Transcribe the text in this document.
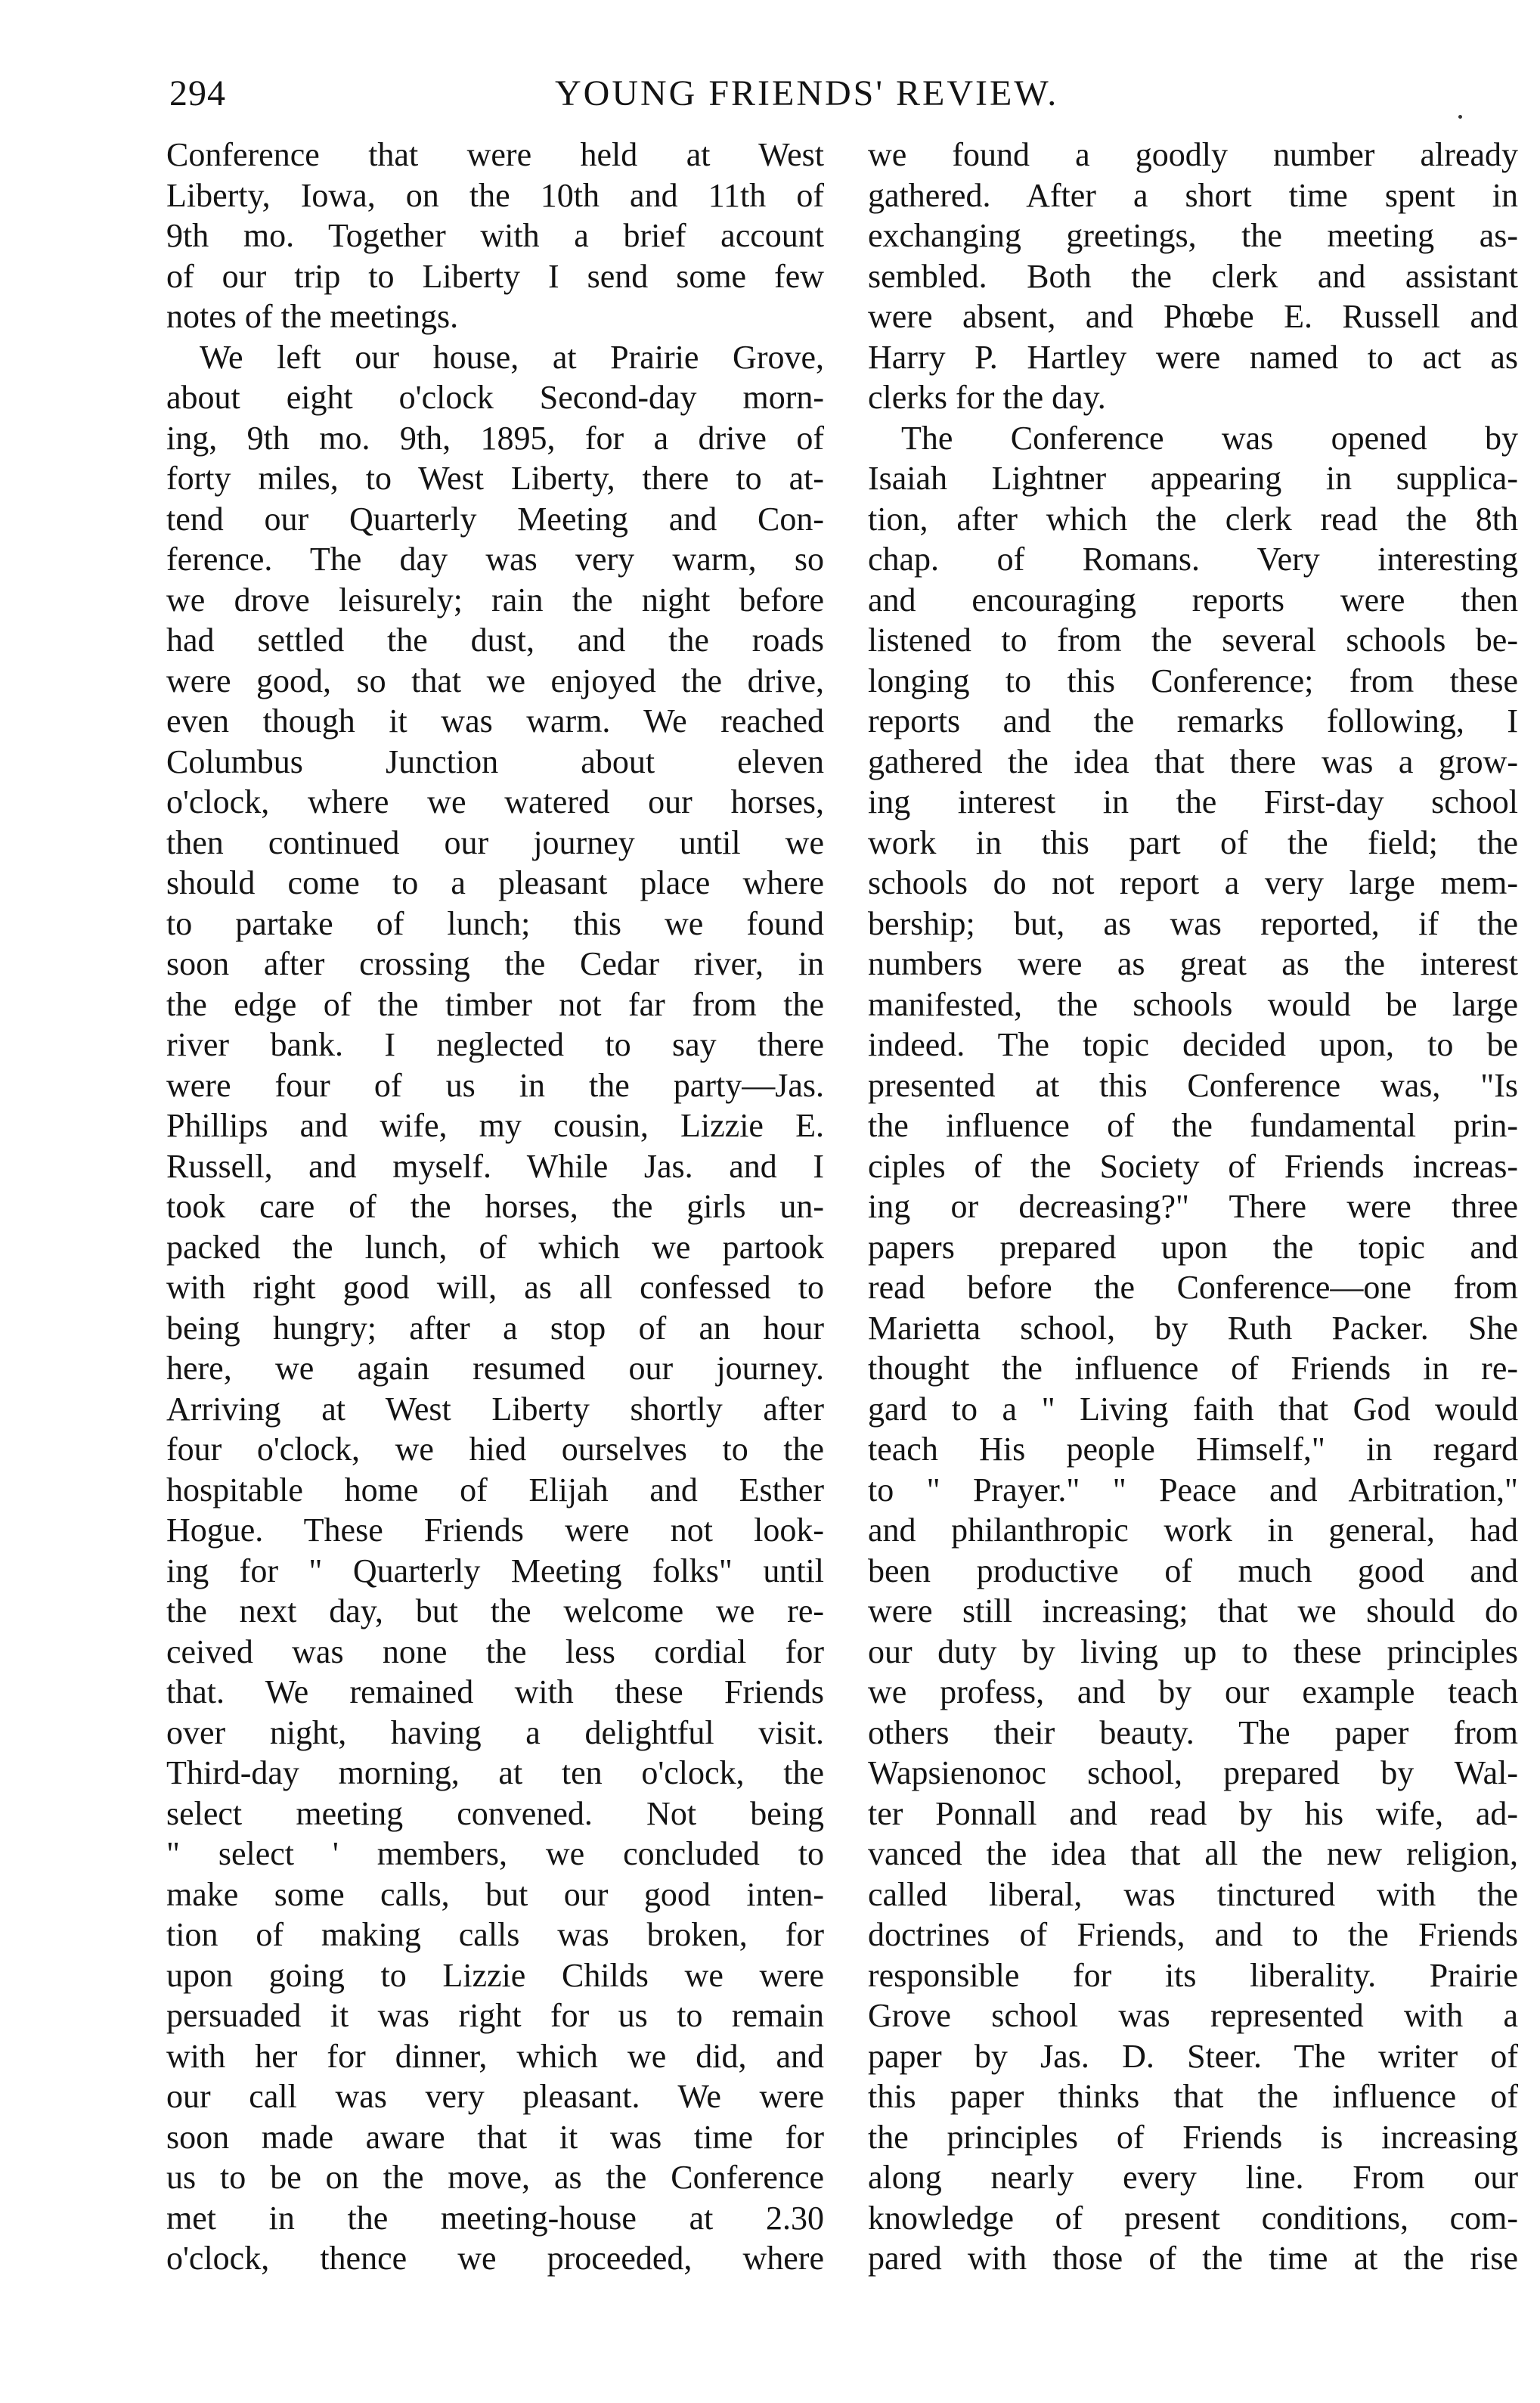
294	YOUNG FRIENDS' REVIEW.
Conference that were held at West
Liberty, Iowa, on the 10th and 11th of
9th mo. Together with a brief account
of our trip to Liberty I send some few
notes of the meetings.
We left our house, at Prairie Grove,
about eight o'clock Second-day morn-
ing, 9th mo. 9th, 1895, for a drive of
forty miles, to West Liberty, there to at-
tend our Quarterly Meeting and Con-
ference. The day was very warm, so
we drove leisurely; rain the night before
had settled the dust, and the roads
were good, so that we enjoyed the drive,
even though it was warm. We reached
Columbus Junction about eleven
o'clock, where we watered our horses,
then continued our journey until we
should come to a pleasant place where
to partake of lunch; this we found
soon after crossing the Cedar river, in
the edge of the timber not far from the
river bank. I neglected to say there
were four of us in the party—Jas.
Phillips and wife, my cousin, Lizzie E.
Russell, and myself. While Jas. and I
took care of the horses, the girls un-
packed the lunch, of which we partook
with right good will, as all confessed to
being hungry; after a stop of an hour
here, we again resumed our journey.
Arriving at West Liberty shortly after
four o'clock, we hied ourselves to the
hospitable home of Elijah and Esther
Hogue. These Friends were not look-
ing for " Quarterly Meeting folks" until
the next day, but the welcome we re-
ceived was none the less cordial for
that. We remained with these Friends
over night, having a delightful visit.
Third-day morning, at ten o'clock, the
select meeting convened. Not being
" select ' members, we concluded to
make some calls, but our good inten-
tion of making calls was broken, for
upon going to Lizzie Childs we were
persuaded it was right for us to remain
with her for dinner, which we did, and
our call was very pleasant. We were
soon made aware that it was time for
us to be on the move, as the Conference
met in the meeting-house at 2.30
o'clock, thence we proceeded, where
we found a goodly number already
gathered. After a short time spent in
exchanging greetings, the meeting as-
sembled. Both the clerk and assistant
were absent, and Phœbe E. Russell and
Harry P. Hartley were named to act as
clerks for the day.
The Conference was opened by
Isaiah Lightner appearing in supplica-
tion, after which the clerk read the 8th
chap. of Romans. Very interesting
and encouraging reports were then
listened to from the several schools be-
longing to this Conference; from these
reports and the remarks following, I
gathered the idea that there was a grow-
ing interest in the First-day school
work in this part of the field; the
schools do not report a very large mem-
bership; but, as was reported, if the
numbers were as great as the interest
manifested, the schools would be large
indeed. The topic decided upon, to be
presented at this Conference was, "Is
the influence of the fundamental prin-
ciples of the Society of Friends increas-
ing or decreasing?" There were three
papers prepared upon the topic and
read before the Conference—one from
Marietta school, by Ruth Packer. She
thought the influence of Friends in re-
gard to a " Living faith that God would
teach His people Himself," in regard
to " Prayer." " Peace and Arbitration,"
and philanthropic work in general, had
been productive of much good and
were still increasing; that we should do
our duty by living up to these principles
we profess, and by our example teach
others their beauty. The paper from
Wapsienonoc school, prepared by Wal-
ter Ponnall and read by his wife, ad-
vanced the idea that all the new religion,
called liberal, was tinctured with the
doctrines of Friends, and to the Friends
responsible for its liberality. Prairie
Grove school was represented with a
paper by Jas. D. Steer. The writer of
this paper thinks that the influence of
the principles of Friends is increasing
along nearly every line. From our
knowledge of present conditions, com-
pared with those of the time at the rise
